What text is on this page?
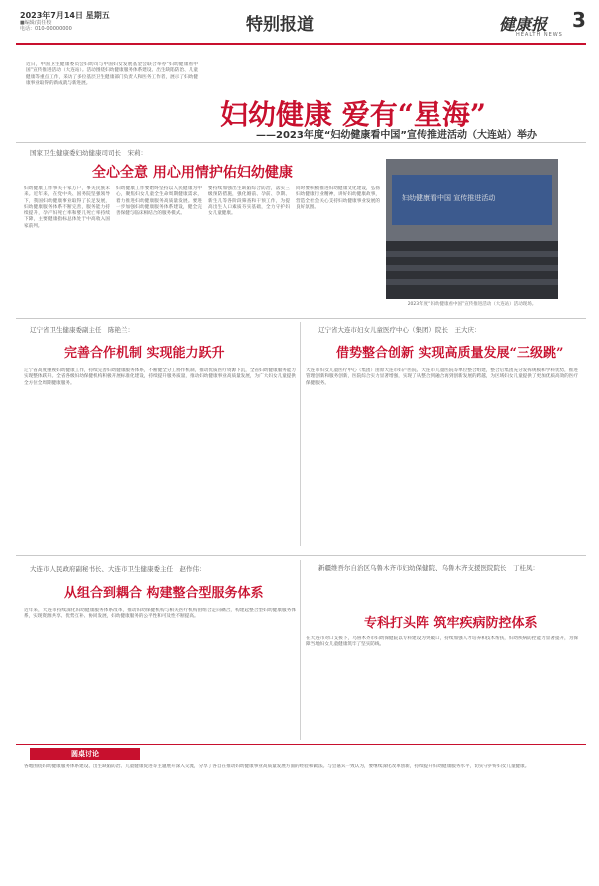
2023年7月14日 星期五
■编辑/责任校
电话：010-00000000	特别报道	健康报
HEALTH NEWS
3
近日，中国卫生健康委员会妇幼司与中国妇女发展基金会联合举办“妇幼健康看中国”宣传推进活动（大连站）。活动围绕妇幼健康服务体系建设、出生缺陷防治、儿童健康等重点工作，采访了多位基层卫生健康部门负责人和医务工作者，展示了妇幼健康事业取得的新成就与新进展。
妇幼健康 爱有“星海”
——2023年度“妇幼健康看中国”宣传推进活动（大连站）举办
国家卫生健康委妇幼健康司司长　宋莉：
全心全意 用心用情护佑妇幼健康
妇幼健康工作事关千家万户，事关民族未来。近年来，在党中央、国务院坚强领导下，我国妇幼健康事业取得了长足发展，妇幼健康服务体系不断完善，服务能力持续提升，孕产妇死亡率和婴儿死亡率持续下降，主要健康指标总体处于中高收入国家前列。
妇幼健康工作要始终坚持以人民健康为中心，聚焦妇女儿童全生命周期健康需求，着力推进妇幼健康服务高质量发展。要进一步加强妇幼健康服务体系建设，健全完善保健与临床相结合的服务模式。
要持续加强出生缺陷综合防治，落实三级预防措施，强化婚前、孕前、孕期、新生儿等各阶段筛查和干预工作，为提高出生人口素质夯实基础，全力守护妇女儿童健康。
同时要积极推进妇幼健康文化建设，弘扬妇幼健康行业精神，讲好妇幼健康故事，营造全社会关心支持妇幼健康事业发展的良好氛围。
妇幼健康看中国 宣传推进活动
2023年度“妇幼健康看中国”宣传推进活动（大连站）活动现场。
辽宁省卫生健康委副主任　陈艳兰：
完善合作机制 实现能力跃升
辽宁省高度重视妇幼健康工作，持续完善妇幼健康服务体系，不断健全分工协作机制，推动优质医疗资源下沉，全省妇幼健康服务能力实现整体跃升。全省各级妇幼保健机构积极开展标准化建设，持续提升服务质量，推动妇幼健康事业高质量发展，为广大妇女儿童提供全方位全周期健康服务。
辽宁省大连市妇女儿童医疗中心（集团）院长　王大庆：
借势整合创新 实现高质量发展“三级跳”
大连市妇女儿童医疗中心（集团）由原大连市妇产医院、大连市儿童医院等单位整合组建，整合后集团充分发挥规模和学科优势，推进管理创新和服务创新，医院综合实力显著增强，实现了从整合到融合再到创新发展的跨越，为区域妇女儿童提供了更加优质高效的医疗保健服务。
大连市人民政府副秘书长、大连市卫生健康委主任　赵作伟：
从组合到耦合 构建整合型服务体系
近年来，大连市持续深化妇幼健康服务体系改革，推动妇幼保健机构与相关医疗机构由组合走向耦合，构建起整合型妇幼健康服务体系，实现资源共享、优势互补、协同发展，妇幼健康服务的公平性和可及性不断提高。
新疆维吾尔自治区乌鲁木齐市妇幼保健院、乌鲁木齐支援医院院长　丁桂凤：
专科打头阵 筑牢疾病防控体系
在大连市对口支援下，乌鲁木齐市妇幼保健院以专科建设为突破口，持续加强人才培养和技术帮扶，妇幼疾病防控能力显著提升，为保障当地妇女儿童健康筑牢了坚实防线。
圆桌讨论
各地围绕妇幼健康服务体系建设、出生缺陷防治、儿童健康促进等主题展开深入交流，分享了各自在推动妇幼健康事业高质量发展方面的经验和做法。与会嘉宾一致认为，要继续深化改革创新，持续提升妇幼健康服务水平，切实守护好妇女儿童健康。
